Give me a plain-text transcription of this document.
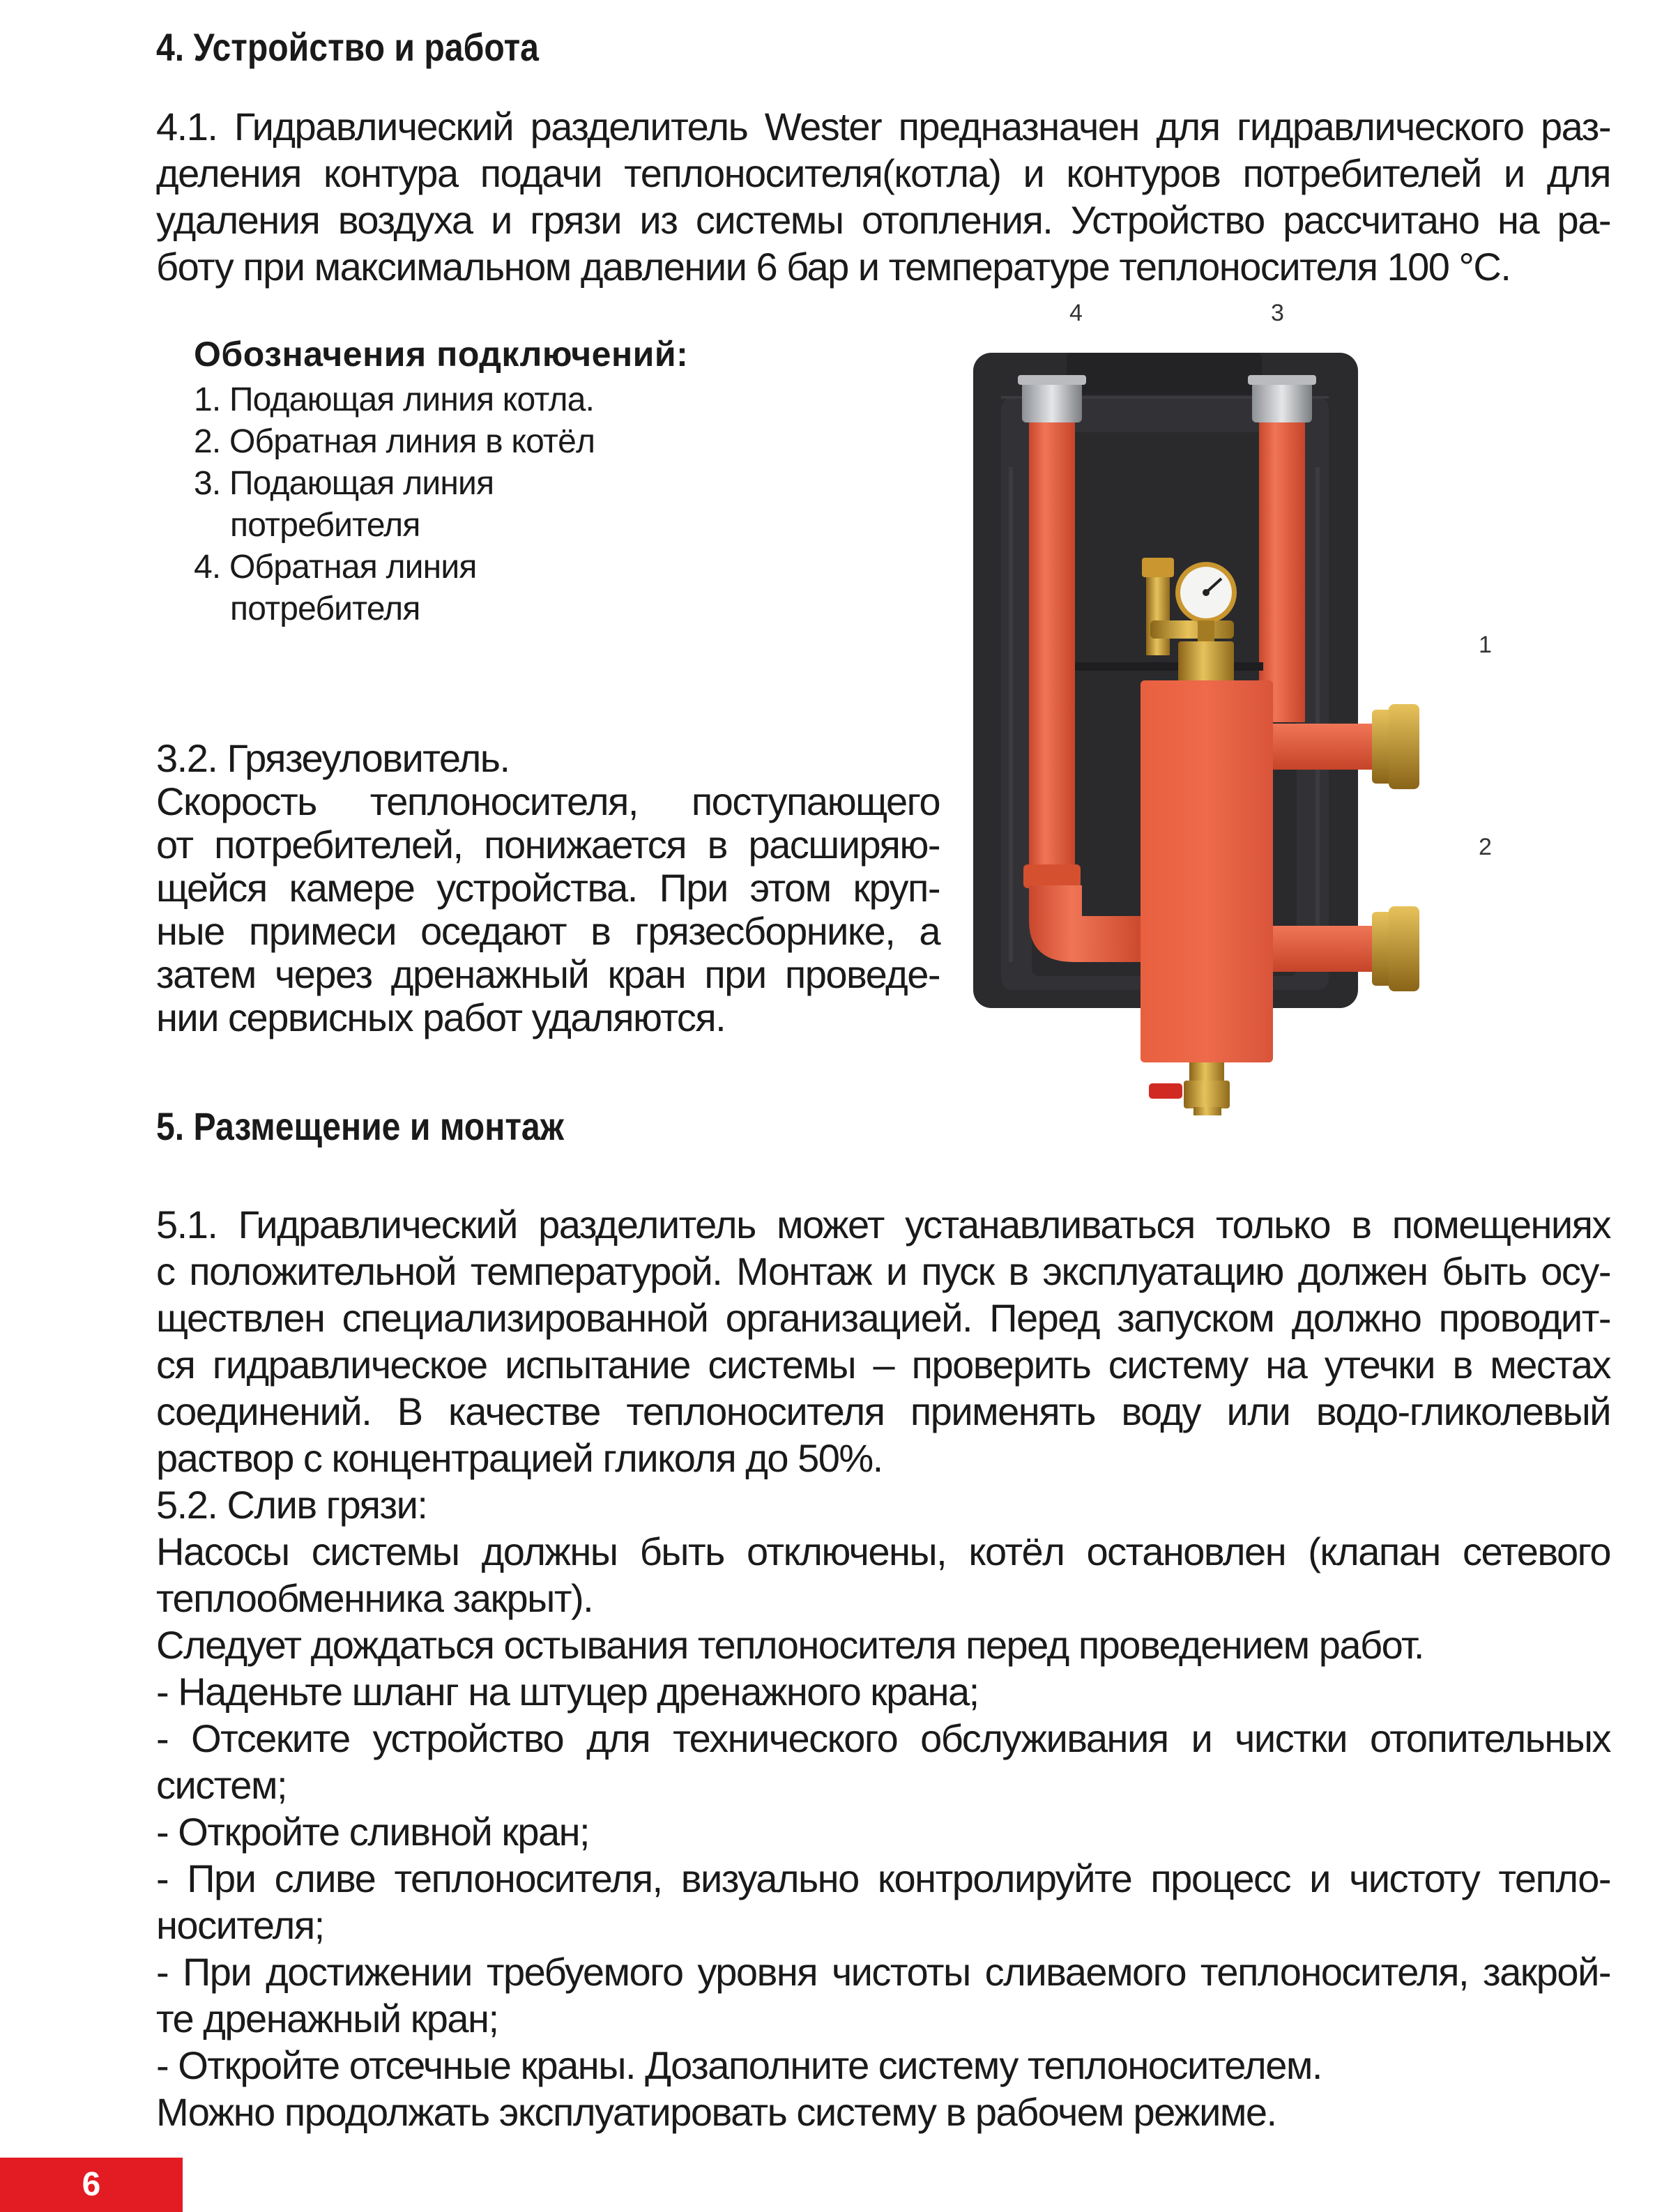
4. Устройство и работа
4.1. Гидравлический разделитель Wester предназначен для гидравлического раз-
деления контура подачи теплоносителя(котла) и контуров потребителей и для
удаления воздуха и грязи из системы отопления. Устройство рассчитано на ра-
боту при максимальном давлении 6 бар и температуре теплоносителя 100 °С.
Обозначения подключений:
1. Подающая линия котла.
2. Обратная линия в котёл
3. Подающая линия
потребителя
4. Обратная линия
потребителя
3.2. Грязеуловитель.
Скорость теплоносителя, поступающего
от потребителей, понижается в расширяю-
щейся камере устройства. При этом круп-
ные примеси оседают в грязесборнике, а
затем через дренажный кран при проведе-
нии сервисных работ удаляются.
4	3
1
2
5. Размещение и монтаж
5.1. Гидравлический разделитель может устанавливаться только в помещениях
с положительной температурой. Монтаж и пуск в эксплуатацию должен быть осу-
ществлен специализированной организацией. Перед запуском должно проводит-
ся гидравлическое испытание системы – проверить систему на утечки в местах
соединений. В качестве теплоносителя применять воду или водо-гликолевый
раствор с концентрацией гликоля до 50%.
5.2. Слив грязи:
Насосы системы должны быть отключены, котёл остановлен (клапан сетевого
теплообменника закрыт).
Следует дождаться остывания теплоносителя перед проведением работ.
- Наденьте шланг на штуцер дренажного крана;
- Отсеките устройство для технического обслуживания и чистки отопительных
систем;
- Откройте сливной кран;
- При сливе теплоносителя, визуально контролируйте процесс и чистоту тепло-
носителя;
- При достижении требуемого уровня чистоты сливаемого теплоносителя, закрой-
те дренажный кран;
- Откройте отсечные краны. Дозаполните систему теплоносителем.
Можно продолжать эксплуатировать систему в рабочем режиме.
6
